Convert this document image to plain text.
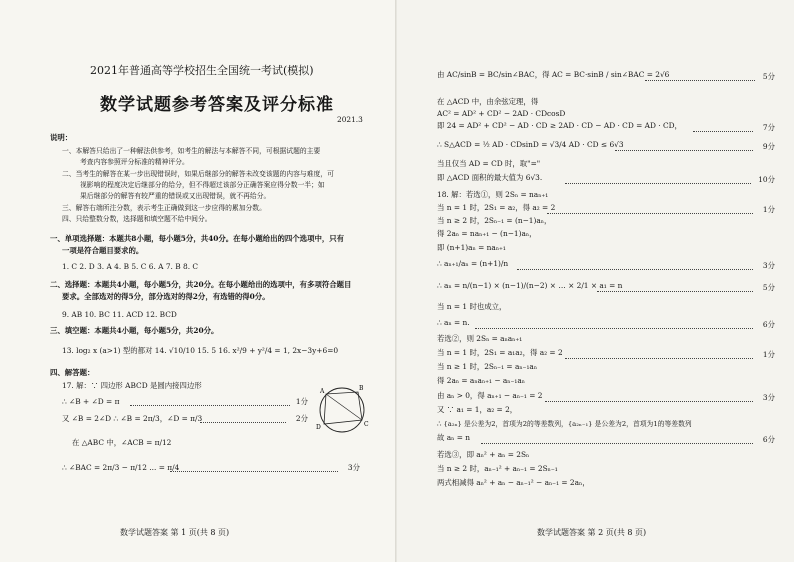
2021年普通高等学校招生全国统一考试(模拟)
数学试题参考答案及评分标准
2021.3
说明：
一、本解答只给出了一种解法供参考，如考生的解法与本解答不同，可根据试题的主要
考查内容参照评分标准的精神评分。
二、当考生的解答在某一步出现错误时，如果后继部分的解答未改变该题的内容与难度，可
视影响的程度决定后继部分的给分，但不得超过该部分正确答案应得分数一半；如
果后继部分的解答有较严重的错误或又出现错误，就不再给分。
三、解答右端所注分数，表示考生正确做到这一步应得的累加分数。
四、只给整数分数，选择题和填空题不给中间分。
一、单项选择题：本题共8小题，每小题5分，共40分。在每小题给出的四个选项中，只有
一项是符合题目要求的。
1. C 2. D 3. A 4. B 5. C 6. A 7. B 8. C
二、选择题：本题共4小题，每小题5分，共20分。在每小题给出的选项中，有多项符合题目
要求。全部选对的得5分，部分选对的得2分，有选错的得0分。
9. AB 10. BC 11. ACD 12. BCD
三、填空题：本题共4小题，每小题5分，共20分。
13. log₂ x (a>1) 型的都对 14. √10/10 15. 5 16. x²/9 + y²/4 = 1, 2x−3y+6=0
四、解答题：
17. 解：∵ 四边形 ABCD 是圆内接四边形
∴ ∠B + ∠D = π	1分
又 ∠B = 2∠D ∴ ∠B = 2π/3，∠D = π/3	2分
在 △ABC 中，∠ACB = π/12
∴ ∠BAC = 2π/3 − π/12 ... = π/4	3分
A	B
C
D
数学试题答案 第 1 页(共 8 页)
由 AC/sinB = BC/sin∠BAC，得 AC = BC·sinB / sin∠BAC = 2√6	5分
在 △ACD 中，由余弦定理，得
AC² = AD² + CD² − 2AD · CDcosD
即 24 = AD² + CD² − AD · CD ≥ 2AD · CD − AD · CD = AD · CD，	7分
∴ S△ACD = ½ AD · CDsinD = √3/4 AD · CD ≤ 6√3	9分
当且仅当 AD = CD 时，取"="
即 △ACD 面积的最大值为 6√3.	10分
18. 解：若选①，则 2Sₙ = naₙ₊₁
当 n = 1 时，2S₁ = a₂，得 a₂ = 2	1分
当 n ≥ 2 时，2Sₙ₋₁ = (n−1)aₙ，
得 2aₙ = naₙ₊₁ − (n−1)aₙ，
即 (n+1)aₙ = naₙ₊₁
∴ aₙ₊₁/aₙ = (n+1)/n	3分
∴ aₙ = n/(n−1) × (n−1)/(n−2) × … × 2/1 × a₁ = n	5分
当 n = 1 时也成立，
∴ aₙ = n.	6分
若选②，则 2Sₙ = aₙaₙ₊₁
当 n = 1 时，2S₁ = a₁a₂，得 a₂ = 2	1分
当 n ≥ 1 时，2Sₙ₋₁ = aₙ₋₁aₙ
得 2aₙ = aₙaₙ₊₁ − aₙ₋₁aₙ
由 aₙ > 0，得 aₙ₊₁ − aₙ₋₁ = 2	3分
又 ∵ a₁ = 1，a₂ = 2，
∴ {a₂ₙ} 是公差为2，首项为2的等差数列，{a₂ₙ₋₁} 是公差为2，首项为1的等差数列
故 aₙ = n	6分
若选③，即 aₙ² + aₙ = 2Sₙ
当 n ≥ 2 时，aₙ₋₁² + aₙ₋₁ = 2Sₙ₋₁
两式相减得 aₙ² + aₙ − aₙ₋₁² − aₙ₋₁ = 2aₙ，
数学试题答案 第 2 页(共 8 页)
